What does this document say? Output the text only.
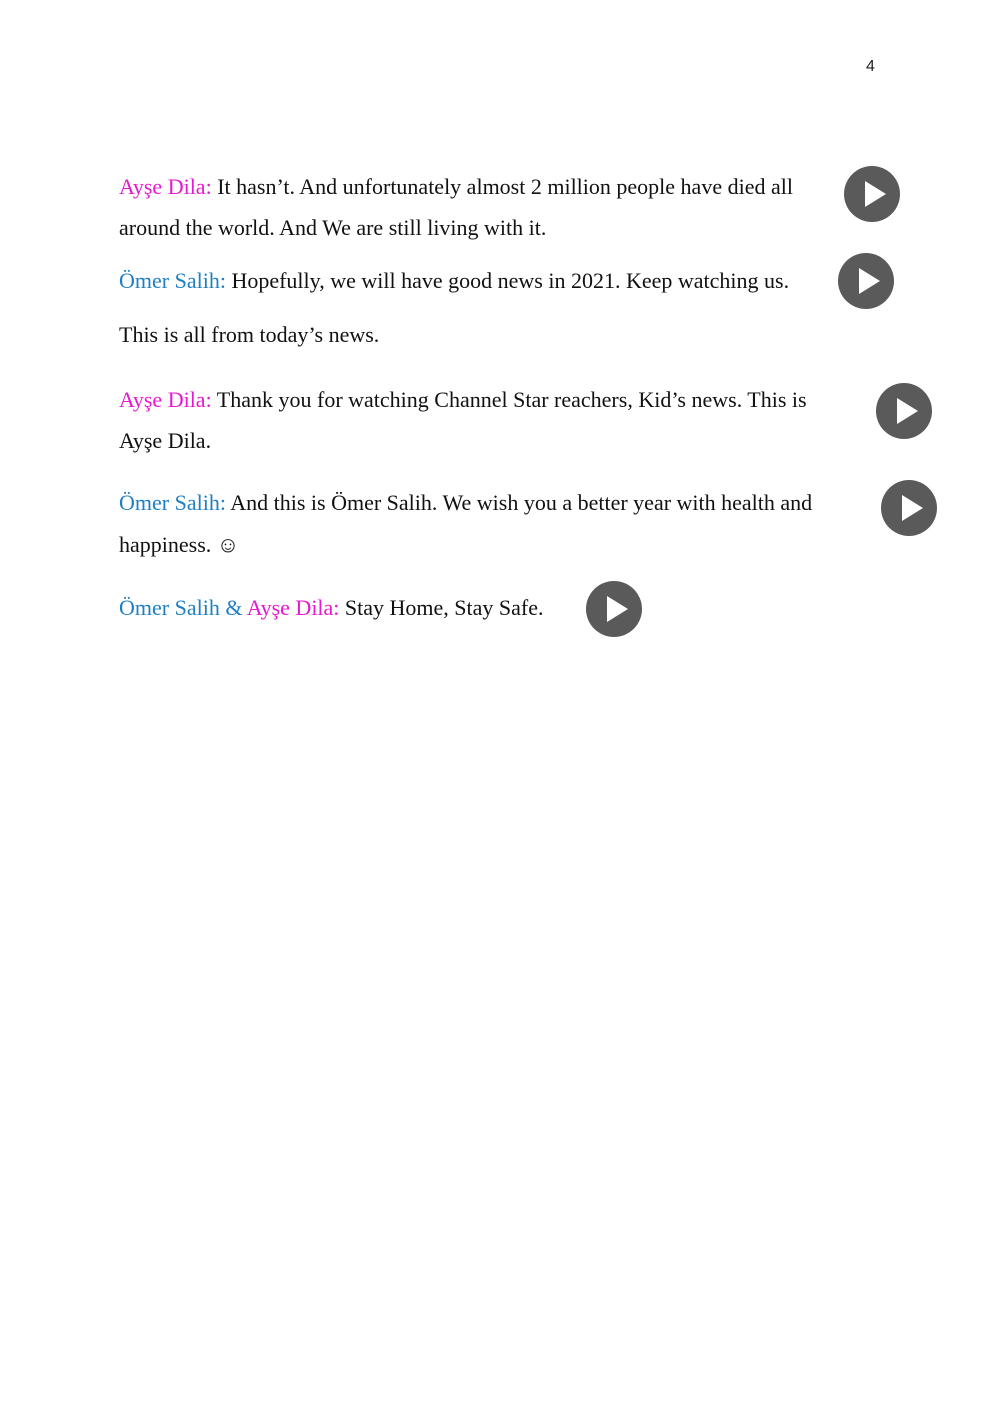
4
Ayşe Dila: It hasn’t. And unfortunately almost 2 million people have died all
around the world. And We are still living with it.
Ömer Salih: Hopefully, we will have good news in 2021. Keep watching us.
This is all from today’s news.
Ayşe Dila: Thank you for watching Channel Star reachers, Kid’s news. This is
Ayşe Dila.
Ömer Salih: And this is Ömer Salih. We wish you a better year with health and
happiness. ☺
Ömer Salih & Ayşe Dila: Stay Home, Stay Safe.
